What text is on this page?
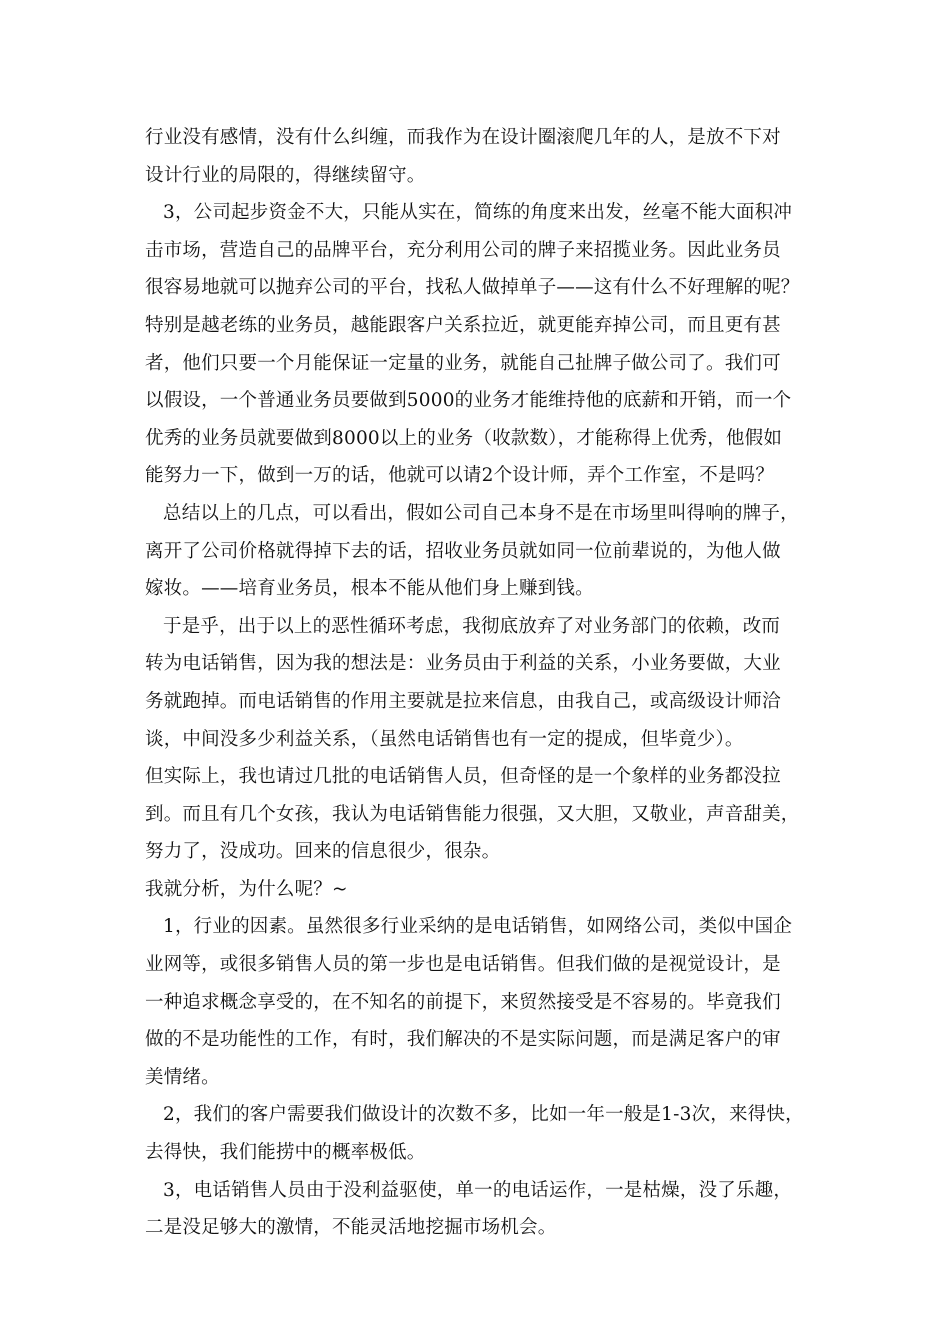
行业没有感情，没有什么纠缠，而我作为在设计圈滚爬几年的人，是放不下对
设计行业的局限的，得继续留守。
3，公司起步资金不大，只能从实在，简练的角度来出发，丝毫不能大面积冲
击市场，营造自己的品牌平台，充分利用公司的牌子来招揽业务。因此业务员
很容易地就可以抛弃公司的平台，找私人做掉单子——这有什么不好理解的呢？
特别是越老练的业务员，越能跟客户关系拉近，就更能弃掉公司，而且更有甚
者，他们只要一个月能保证一定量的业务，就能自己扯牌子做公司了。我们可
以假设，一个普通业务员要做到5000的业务才能维持他的底薪和开销，而一个
优秀的业务员就要做到8000以上的业务（收款数），才能称得上优秀，他假如
能努力一下，做到一万的话，他就可以请2个设计师，弄个工作室，不是吗？
总结以上的几点，可以看出，假如公司自己本身不是在市场里叫得响的牌子，
离开了公司价格就得掉下去的话，招收业务员就如同一位前辈说的，为他人做
嫁妆。——培育业务员，根本不能从他们身上赚到钱。
于是乎，出于以上的恶性循环考虑，我彻底放弃了对业务部门的依赖，改而
转为电话销售，因为我的想法是：业务员由于利益的关系，小业务要做，大业
务就跑掉。而电话销售的作用主要就是拉来信息，由我自己，或高级设计师洽
谈，中间没多少利益关系，（虽然电话销售也有一定的提成，但毕竟少）。
但实际上，我也请过几批的电话销售人员，但奇怪的是一个象样的业务都没拉
到。而且有几个女孩，我认为电话销售能力很强，又大胆，又敬业，声音甜美，
努力了，没成功。回来的信息很少，很杂。
我就分析，为什么呢？~
1，行业的因素。虽然很多行业采纳的是电话销售，如网络公司，类似中国企
业网等，或很多销售人员的第一步也是电话销售。但我们做的是视觉设计，是
一种追求概念享受的，在不知名的前提下，来贸然接受是不容易的。毕竟我们
做的不是功能性的工作，有时，我们解决的不是实际问题，而是满足客户的审
美情绪。
2，我们的客户需要我们做设计的次数不多，比如一年一般是1-3次，来得快，
去得快，我们能捞中的概率极低。
3，电话销售人员由于没利益驱使，单一的电话运作，一是枯燥，没了乐趣，
二是没足够大的激情，不能灵活地挖掘市场机会。
